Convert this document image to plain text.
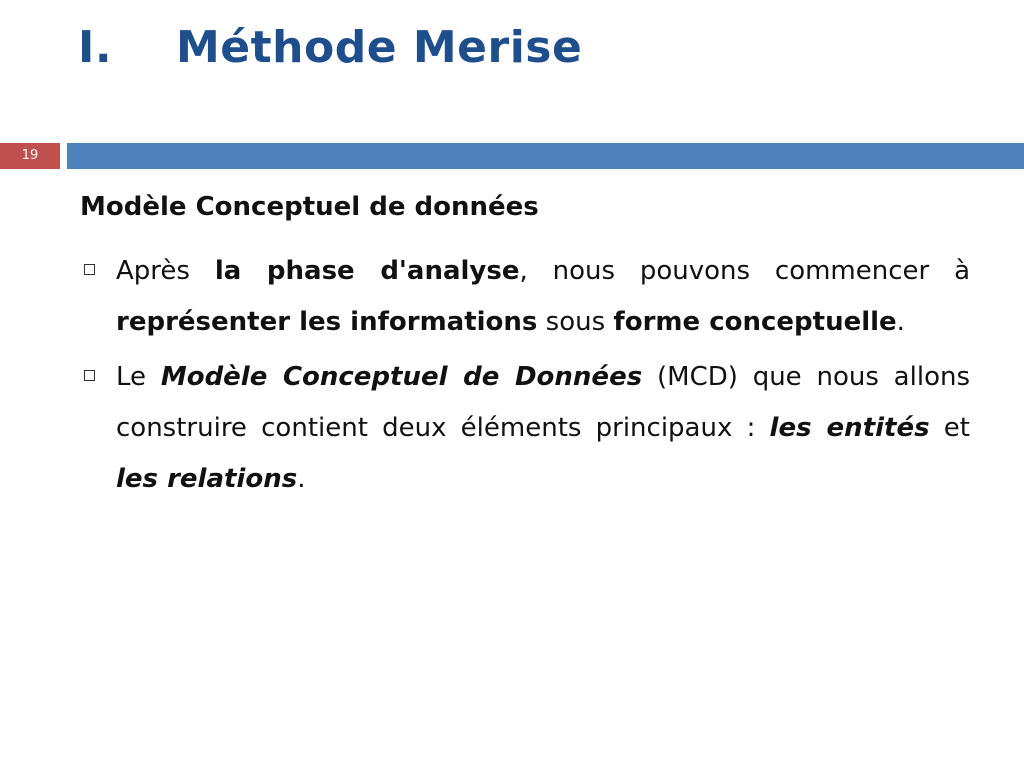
I. Méthode Merise
19
Modèle Conceptuel de données
Après la phase d'analyse, nous pouvons commencer à représenter les informations sous forme conceptuelle.
Le Modèle Conceptuel de Données (MCD) que nous allons construire contient deux éléments principaux : les entités et les relations.
